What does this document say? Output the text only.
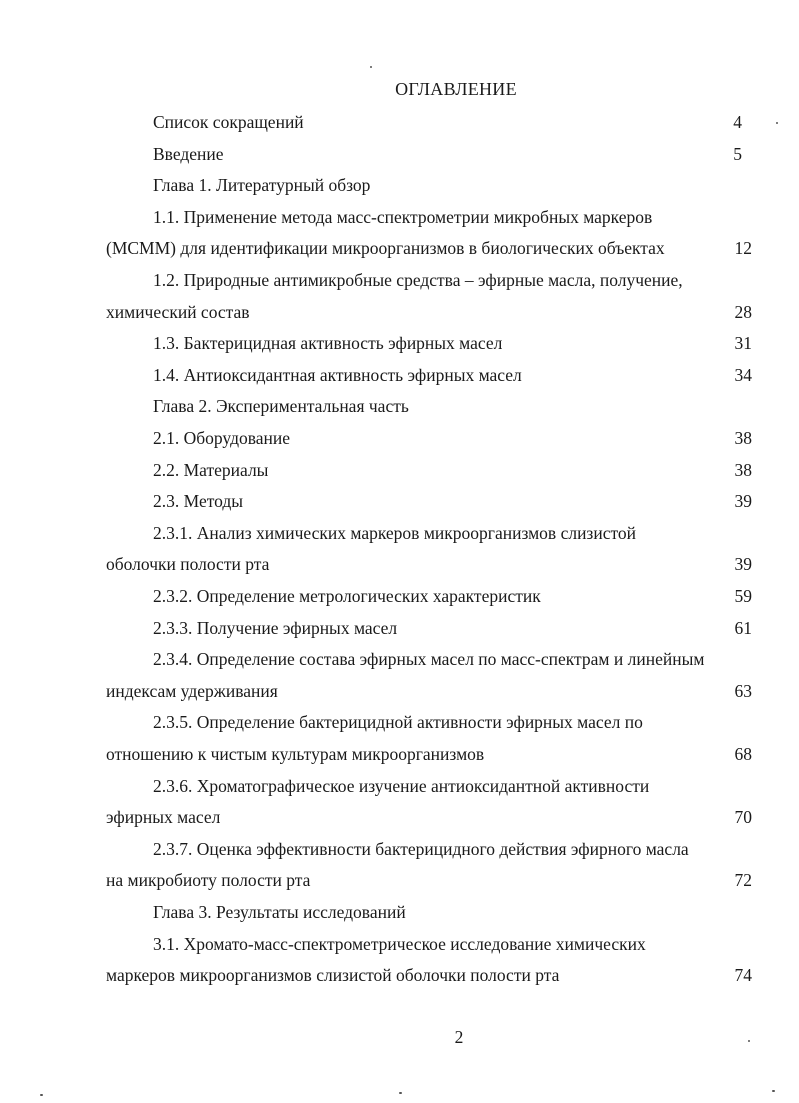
ОГЛАВЛЕНИЕ
Список сокращений	4
Введение	5
Глава 1. Литературный обзор
1.1. Применение метода масс-спектрометрии микробных маркеров
(МСММ) для идентификации микроорганизмов в биологических объектах	12
1.2. Природные антимикробные средства – эфирные масла, получение,
химический состав	28
1.3. Бактерицидная активность эфирных масел	31
1.4. Антиоксидантная активность эфирных масел	34
Глава 2. Экспериментальная часть
2.1. Оборудование	38
2.2. Материалы	38
2.3. Методы	39
2.3.1. Анализ химических маркеров микроорганизмов слизистой
оболочки полости рта	39
2.3.2. Определение метрологических характеристик	59
2.3.3. Получение эфирных масел	61
2.3.4. Определение состава эфирных масел по масс-спектрам и линейным
индексам удерживания	63
2.3.5. Определение бактерицидной активности эфирных масел по
отношению к чистым культурам микроорганизмов	68
2.3.6. Хроматографическое изучение антиоксидантной активности
эфирных масел	70
2.3.7. Оценка эффективности бактерицидного действия эфирного масла
на микробиоту полости рта	72
Глава 3. Результаты исследований
3.1. Хромато-масс-спектрометрическое исследование химических
маркеров микроорганизмов слизистой оболочки полости рта	74
2
